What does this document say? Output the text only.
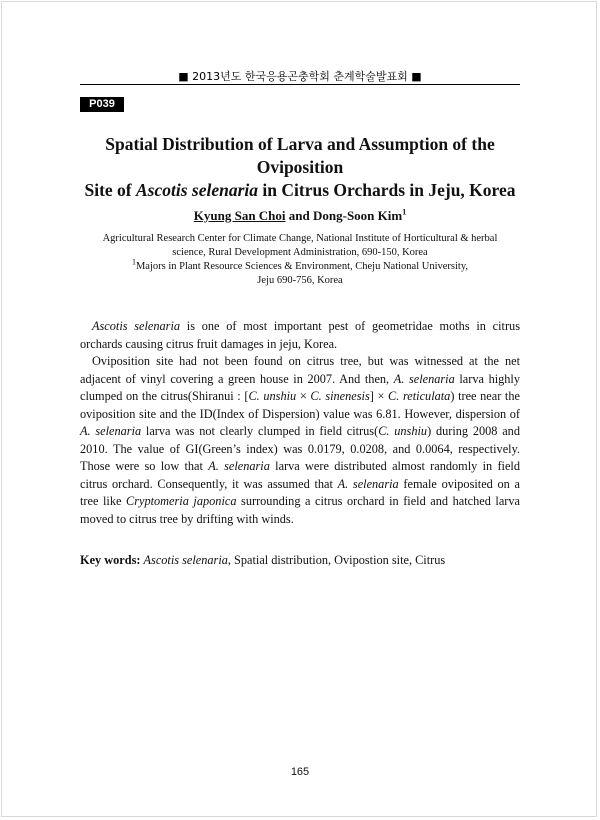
■ 2013년도 한국응용곤충학회 춘계학술발표회 ■
P039
Spatial Distribution of Larva and Assumption of the Oviposition
Site of Ascotis selenaria in Citrus Orchards in Jeju, Korea
Kyung San Choi and Dong-Soon Kim$^1$
Agricultural Research Center for Climate Change, National Institute of Horticultural & herbal
science, Rural Development Administration, 690-150, Korea
$^1$Majors in Plant Resource Sciences & Environment, Cheju National University,
Jeju 690-756, Korea

Ascotis selenaria is one of most important pest of geometridae moths in citrus orchards causing citrus fruit damages in jeju, Korea.

Oviposition site had not been found on citrus tree, but was witnessed at the net adjacent of vinyl covering a green house in 2007. And then, A. selenaria larva highly clumped on the citrus(Shiranui : [C. unshiu × C. sinenesis] × C. reticulata) tree near the oviposition site and the ID(Index of Dispersion) value was 6.81. However, dispersion of A. selenaria larva was not clearly clumped in field citrus(C. unshiu) during 2008 and 2010. The value of GI(Green’s index) was 0.0179, 0.0208, and 0.0064, respectively. Those were so low that A. selenaria larva were distributed almost randomly in field citrus orchard. Consequently, it was assumed that A. selenaria female oviposited on a tree like Cryptomeria japonica surrounding a citrus orchard in field and hatched larva moved to citrus tree by drifting with winds.

Key words: Ascotis selenaria, Spatial distribution, Ovipostion site, Citrus
165
